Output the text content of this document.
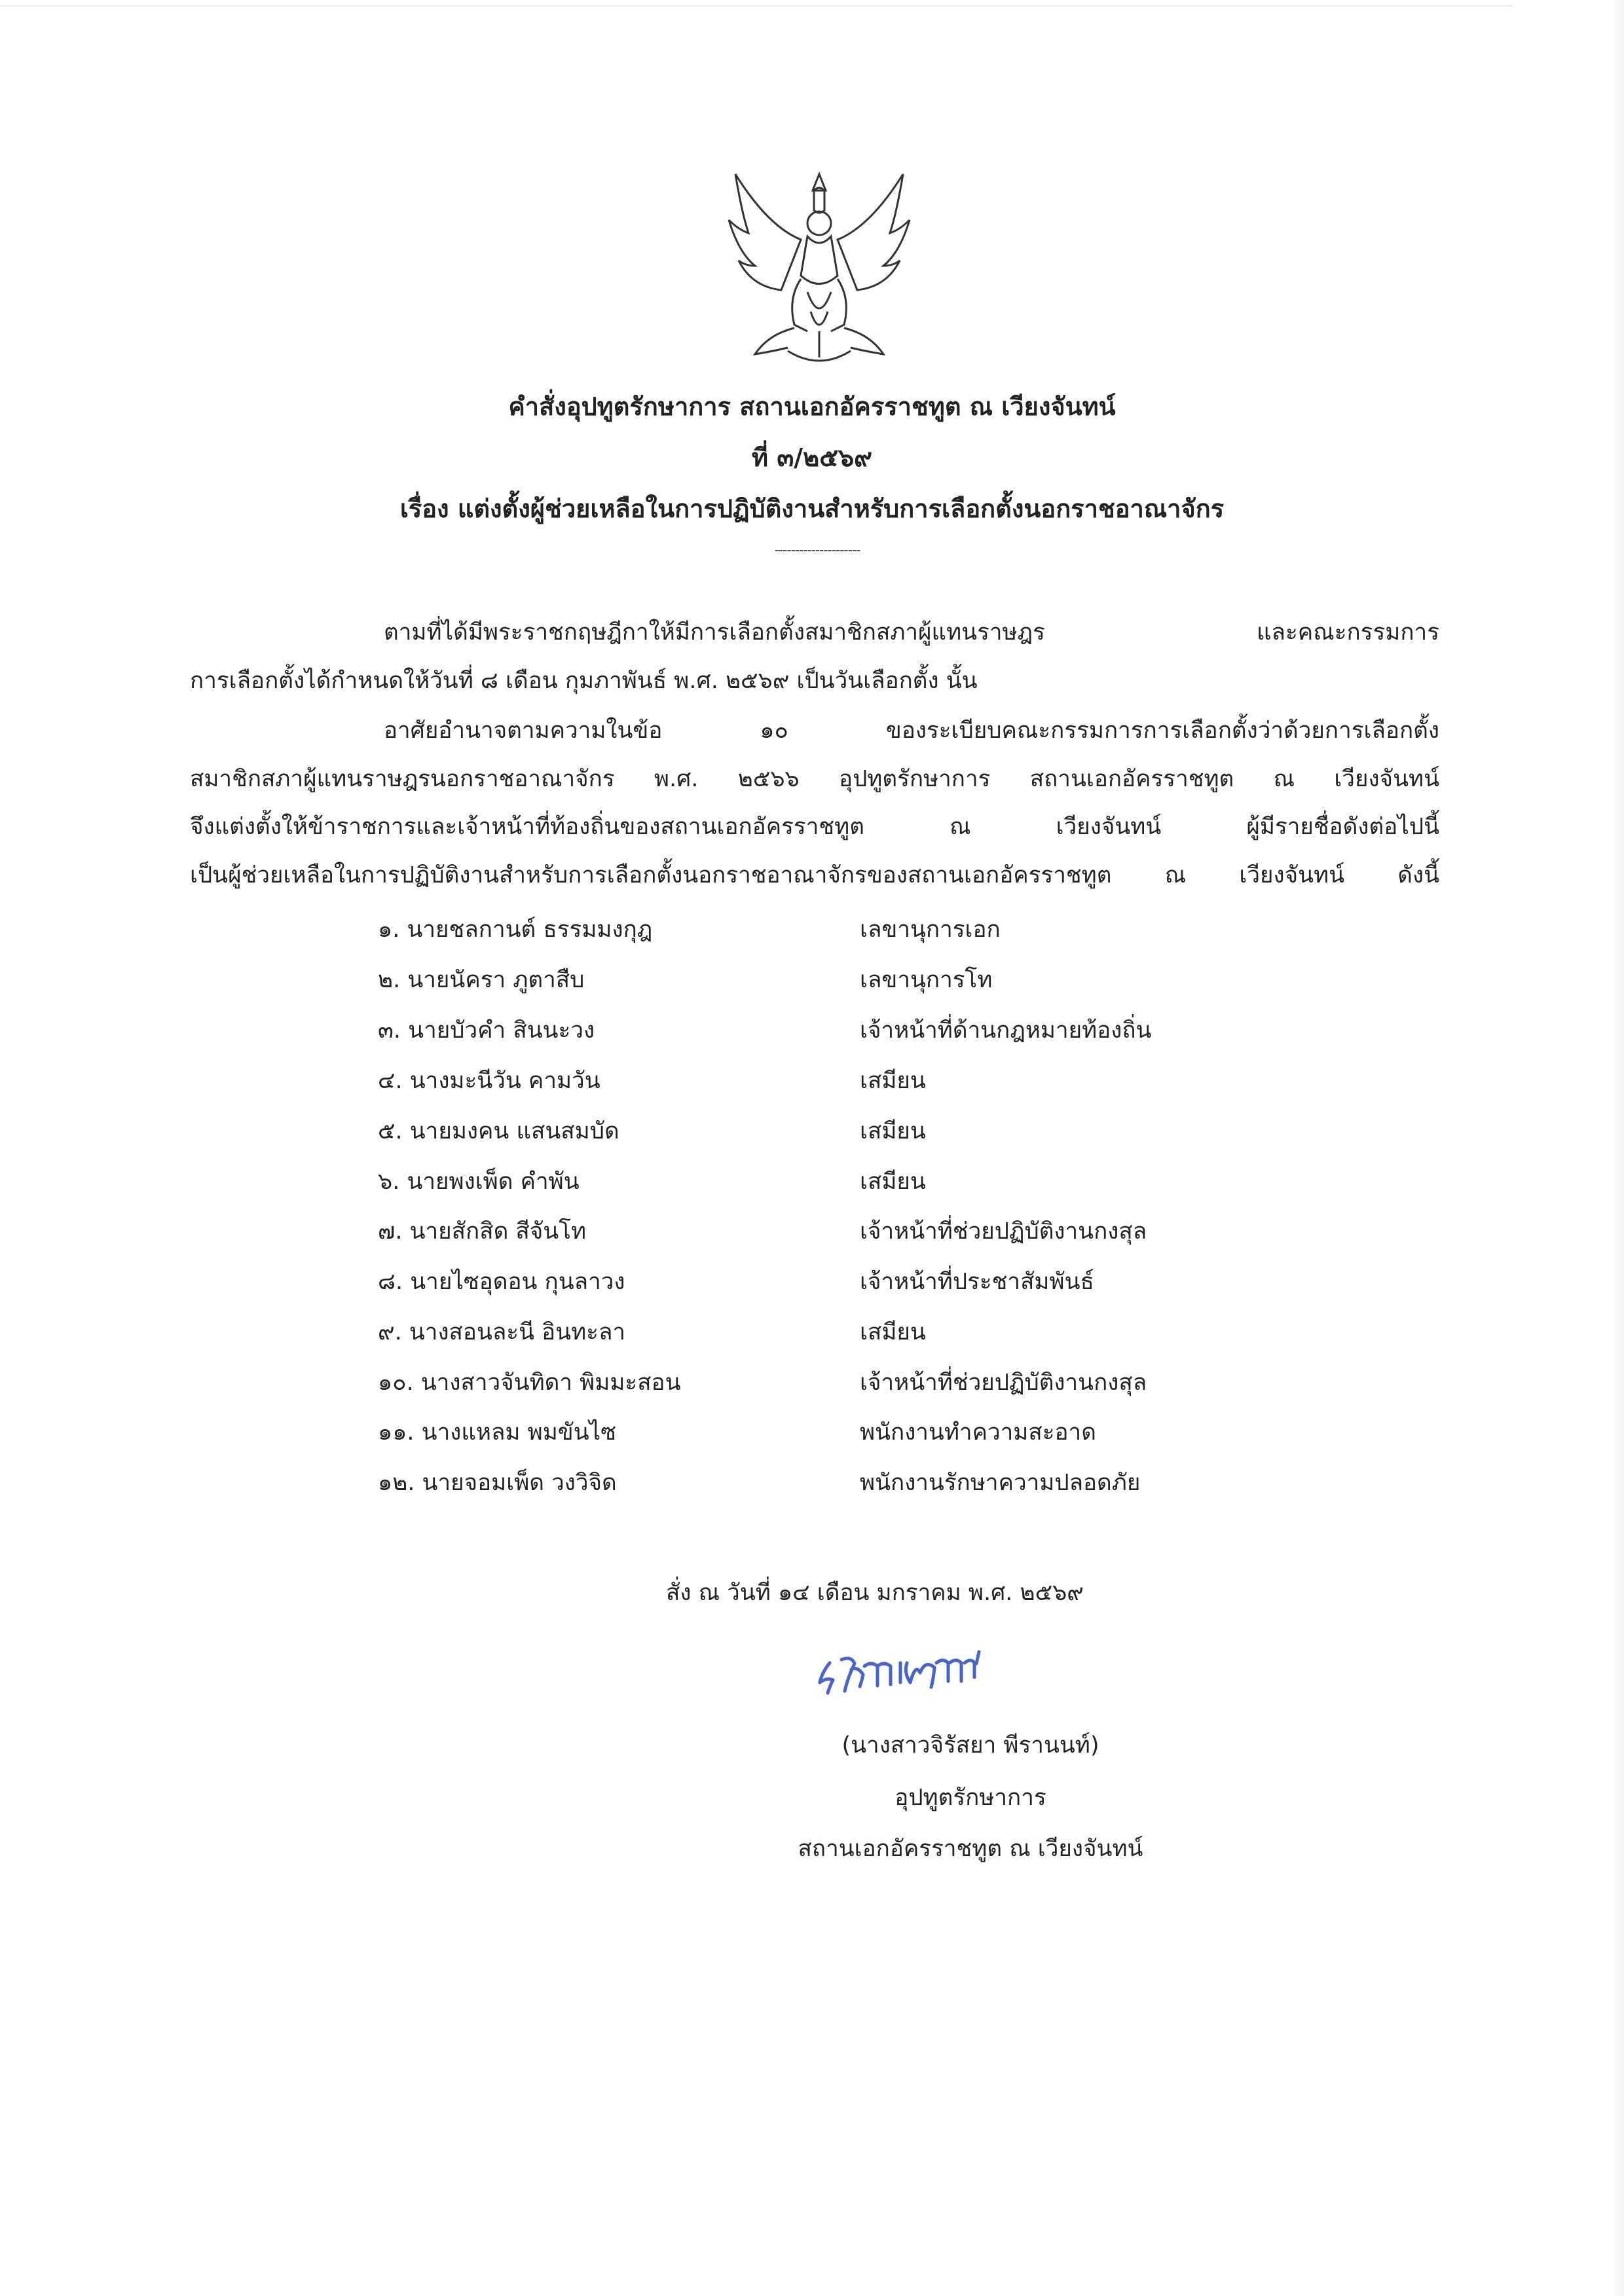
คำสั่งอุปทูตรักษาการ สถานเอกอัครราชทูต ณ เวียงจันทน์
ที่ ๓/๒๕๖๙
เรื่อง แต่งตั้งผู้ช่วยเหลือในการปฏิบัติงานสำหรับการเลือกตั้งนอกราชอาณาจักร
---------------------
ตามที่ได้มีพระราชกฤษฎีกาให้มีการเลือกตั้งสมาชิกสภาผู้แทนราษฎร และคณะกรรมการ
การเลือกตั้งได้กำหนดให้วันที่ ๘ เดือน กุมภาพันธ์ พ.ศ. ๒๕๖๙ เป็นวันเลือกตั้ง นั้น
อาศัยอำนาจตามความในข้อ ๑๐ ของระเบียบคณะกรรมการการเลือกตั้งว่าด้วยการเลือกตั้ง
สมาชิกสภาผู้แทนราษฎรนอกราชอาณาจักร พ.ศ. ๒๕๖๖ อุปทูตรักษาการ สถานเอกอัครราชทูต ณ เวียงจันทน์
จึงแต่งตั้งให้ข้าราชการและเจ้าหน้าที่ท้องถิ่นของสถานเอกอัครราชทูต ณ เวียงจันทน์ ผู้มีรายชื่อดังต่อไปนี้
เป็นผู้ช่วยเหลือในการปฏิบัติงานสำหรับการเลือกตั้งนอกราชอาณาจักรของสถานเอกอัครราชทูต ณ เวียงจันทน์ ดังนี้
๑. นายชลกานต์ ธรรมมงกุฎ	เลขานุการเอก
๒. นายนัครา ภูตาสืบ	เลขานุการโท
๓. นายบัวคำ สินนะวง	เจ้าหน้าที่ด้านกฎหมายท้องถิ่น
๔. นางมะนีวัน คามวัน	เสมียน
๕. นายมงคน แสนสมบัด	เสมียน
๖. นายพงเพ็ด คำพัน	เสมียน
๗. นายสักสิด สีจันโท	เจ้าหน้าที่ช่วยปฏิบัติงานกงสุล
๘. นายไซอุดอน กุนลาวง	เจ้าหน้าที่ประชาสัมพันธ์
๙. นางสอนละนี อินทะลา	เสมียน
๑๐. นางสาวจันทิดา พิมมะสอน	เจ้าหน้าที่ช่วยปฏิบัติงานกงสุล
๑๑. นางแหลม พมขันไซ	พนักงานทำความสะอาด
๑๒. นายจอมเพ็ด วงวิจิด	พนักงานรักษาความปลอดภัย
สั่ง ณ วันที่ ๑๔ เดือน มกราคม พ.ศ. ๒๕๖๙
(นางสาวจิรัสยา พีรานนท์)
อุปทูตรักษาการ
สถานเอกอัครราชทูต ณ เวียงจันทน์
